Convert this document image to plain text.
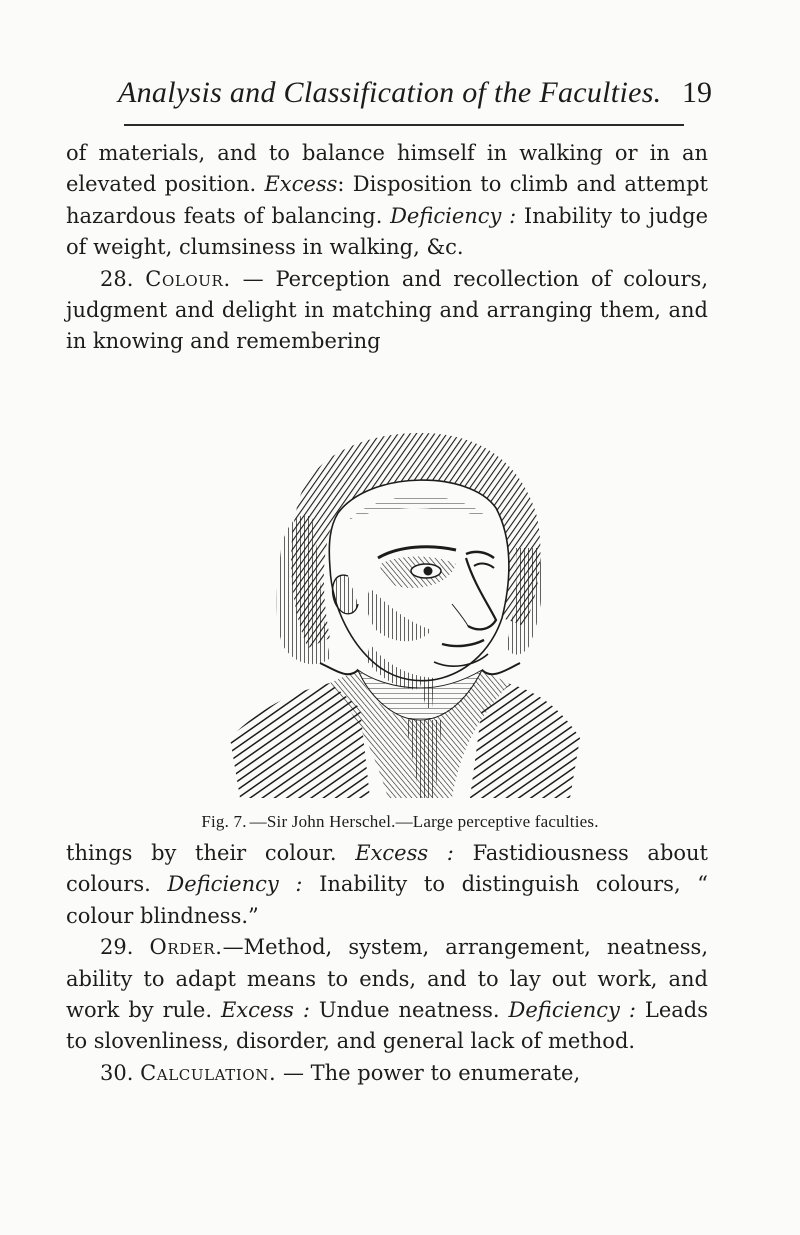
Analysis and Classification of the Faculties. 19

of materials, and to balance himself in walking or in an elevated position. Excess: Disposition to climb and attempt hazardous feats of balancing. Deficiency : Inability to judge of weight, clumsiness in walking, &c.

28. Colour. — Perception and recollection of colours, judgment and delight in matching and arranging them, and in knowing and remembering

Fig. 7. —Sir John Herschel.—Large perceptive faculties.

things by their colour. Excess : Fastidiousness about colours. Deficiency : Inability to distinguish colours, “ colour blindness.”

29. Order.—Method, system, arrangement, neatness, ability to adapt means to ends, and to lay out work, and work by rule. Excess : Undue neatness. Deficiency : Leads to slovenliness, disorder, and general lack of method.

30. Calculation. — The power to enumerate,
